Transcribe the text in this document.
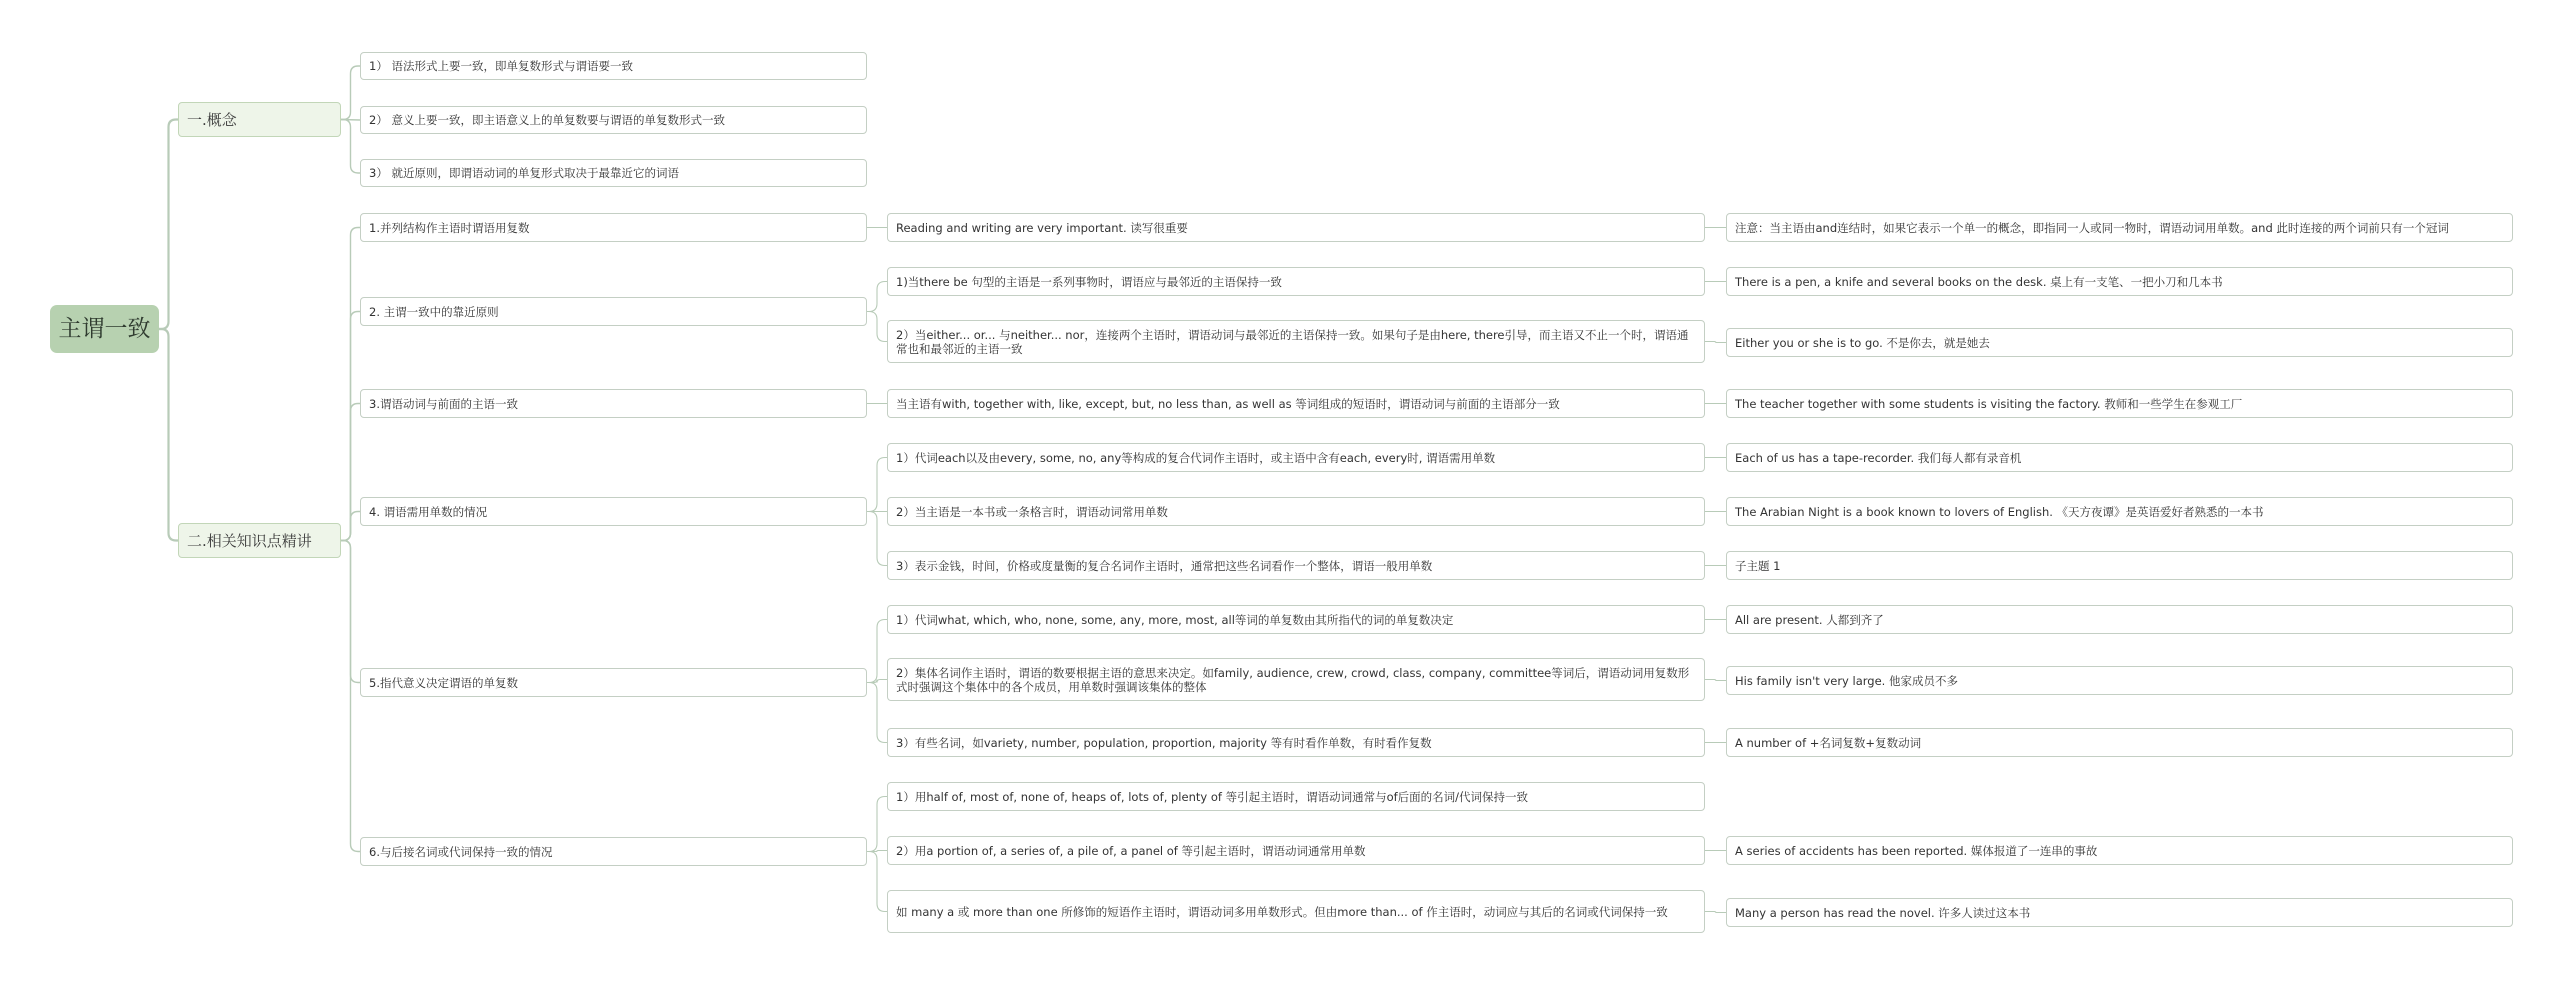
主谓一致
一.概念
1） 语法形式上要一致，即单复数形式与谓语要一致
2） 意义上要一致，即主语意义上的单复数要与谓语的单复数形式一致
3） 就近原则，即谓语动词的单复形式取决于最靠近它的词语
二.相关知识点精讲
1.并列结构作主语时谓语用复数	Reading and writing are very important. 读写很重要	注意：当主语由and连结时，如果它表示一个单一的概念，即指同一人或同一物时，谓语动词用单数。and 此时连接的两个词前只有一个冠词
2. 主谓一致中的靠近原则
1)当there be 句型的主语是一系列事物时，谓语应与最邻近的主语保持一致	There is a pen, a knife and several books on the desk. 桌上有一支笔、一把小刀和几本书
2）当either... or... 与neither... nor，连接两个主语时，谓语动词与最邻近的主语保持一致。如果句子是由here, there引导，而主语又不止一个时，谓语通常也和最邻近的主语一致	Either you or she is to go. 不是你去，就是她去
3.谓语动词与前面的主语一致	当主语有with, together with, like, except, but, no less than, as well as 等词组成的短语时，谓语动词与前面的主语部分一致	The teacher together with some students is visiting the factory. 教师和一些学生在参观工厂
4. 谓语需用单数的情况
1）代词each以及由every, some, no, any等构成的复合代词作主语时，或主语中含有each, every时, 谓语需用单数	Each of us has a tape-recorder. 我们每人都有录音机
2）当主语是一本书或一条格言时，谓语动词常用单数	The Arabian Night is a book known to lovers of English. 《天方夜谭》是英语爱好者熟悉的一本书
3）表示金钱，时间，价格或度量衡的复合名词作主语时，通常把这些名词看作一个整体，谓语一般用单数	子主题 1
5.指代意义决定谓语的单复数
1）代词what, which, who, none, some, any, more, most, all等词的单复数由其所指代的词的单复数决定	All are present. 人都到齐了
2）集体名词作主语时，谓语的数要根据主语的意思来决定。如family, audience, crew, crowd, class, company, committee等词后，谓语动词用复数形式时强调这个集体中的各个成员，用单数时强调该集体的整体	His family isn't very large. 他家成员不多
3）有些名词，如variety, number, population, proportion, majority 等有时看作单数，有时看作复数	A number of +名词复数+复数动词
6.与后接名词或代词保持一致的情况
1）用half of, most of, none of, heaps of, lots of, plenty of 等引起主语时，谓语动词通常与of后面的名词/代词保持一致
2）用a portion of, a series of, a pile of, a panel of 等引起主语时，谓语动词通常用单数	A series of accidents has been reported. 媒体报道了一连串的事故
如 many a 或 more than one 所修饰的短语作主语时，谓语动词多用单数形式。但由more than... of 作主语时，动词应与其后的名词或代词保持一致	Many a person has read the novel. 许多人读过这本书
